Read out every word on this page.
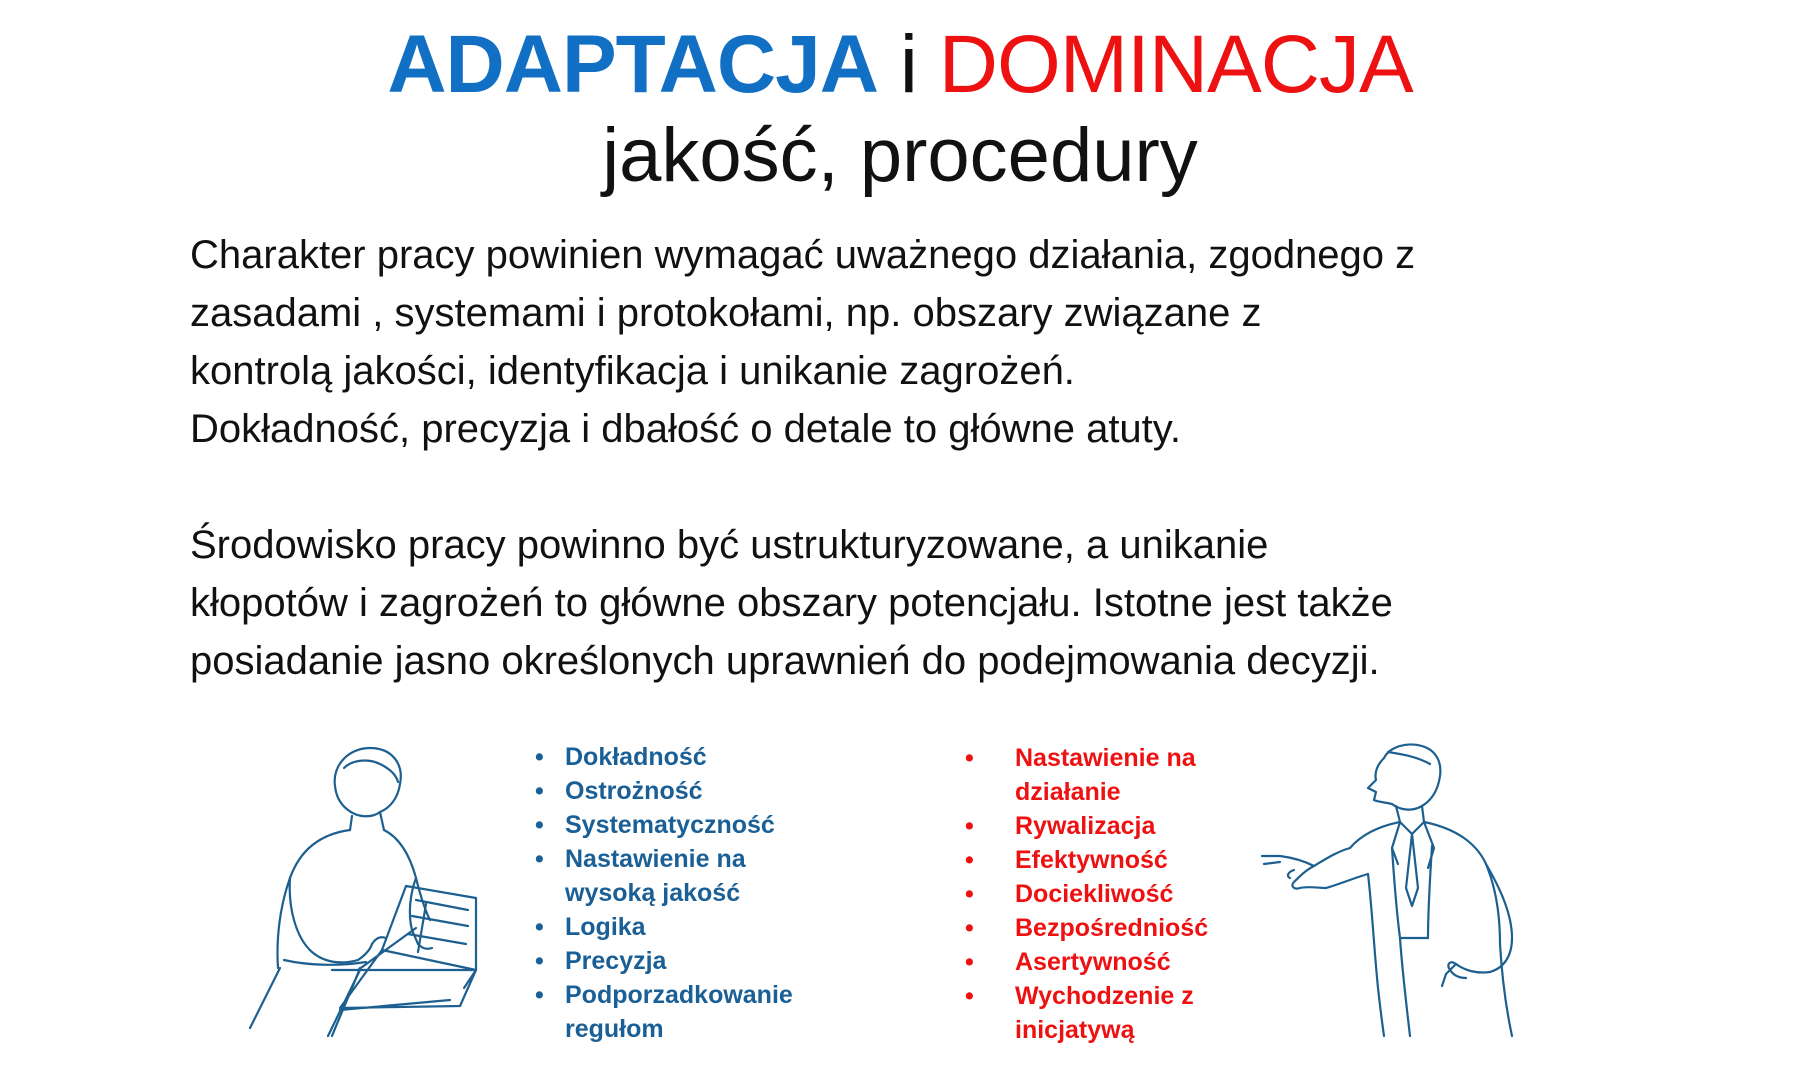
ADAPTACJA i DOMINACJA
jakość, procedury

Charakter pracy powinien wymagać uważnego działania, zgodnego z
zasadami , systemami i protokołami, np. obszary związane z
kontrolą jakości, identyfikacja i unikanie zagrożeń.
Dokładność, precyzja i dbałość o detale to główne atuty.

Środowisko pracy powinno być ustrukturyzowane, a unikanie
kłopotów i zagrożeń to główne obszary potencjału. Istotne jest także
posiadanie jasno określonych uprawnień do podejmowania decyzji.

• Dokładność
• Ostrożność
• Systematyczność
• Nastawienie na
wysoką jakość
• Logika
• Precyzja
• Podporzadkowanie
regułom
• Nastawienie na
działanie
• Rywalizacja
• Efektywność
• Dociekliwość
• Bezpośredniość
• Asertywność
• Wychodzenie z
inicjatywą
